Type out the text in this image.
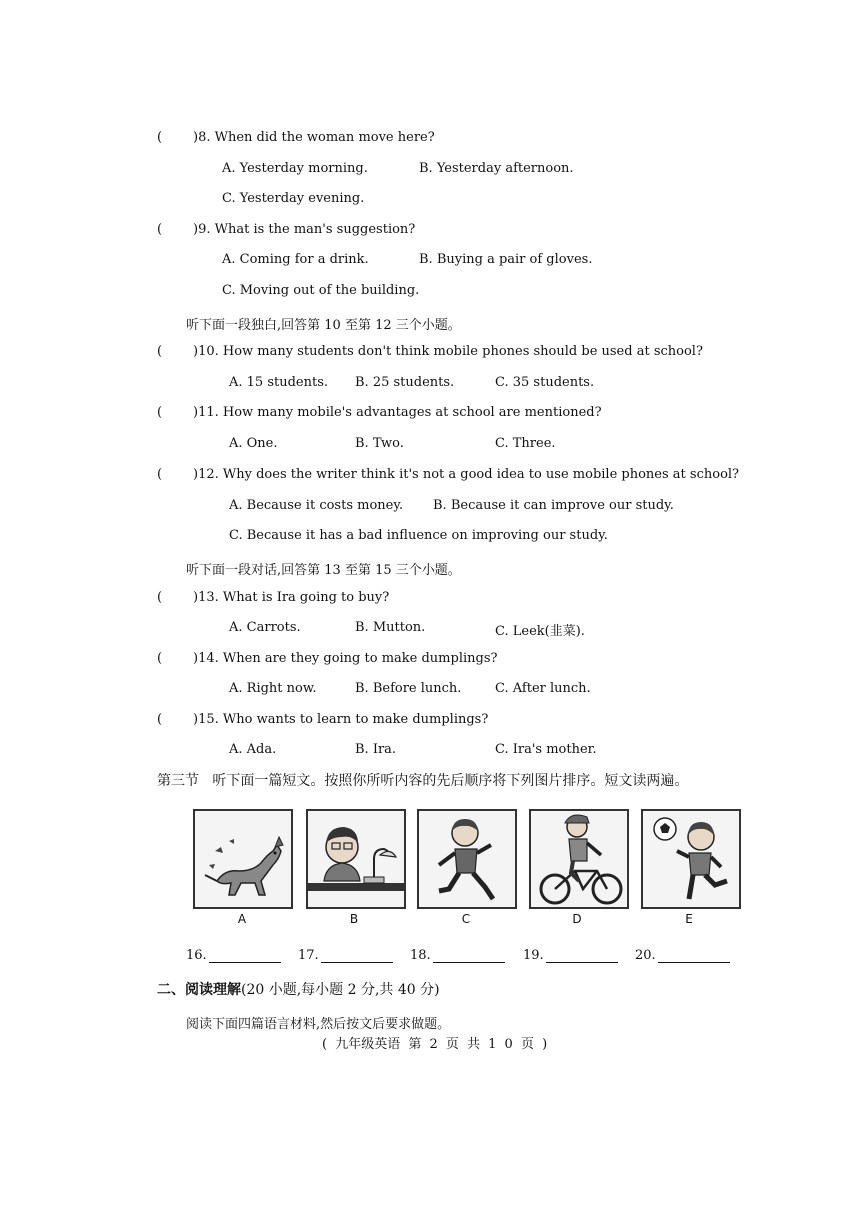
( )8. When did the woman move here?
A. Yesterday morning.	B. Yesterday afternoon.
C. Yesterday evening.
( )9. What is the man's suggestion?
A. Coming for a drink.	B. Buying a pair of gloves.
C. Moving out of the building.
听下面一段独白,回答第 10 至第 12 三个小题。
( )10. How many students don't think mobile phones should be used at school?
A. 15 students. B. 25 students.	C. 35 students.
( )11. How many mobile's advantages at school are mentioned?
A. One.	B. Two.	C. Three.
( )12. Why does the writer think it's not a good idea to use mobile phones at school?
A. Because it costs money. B. Because it can improve our study.
C. Because it has a bad influence on improving our study.
听下面一段对话,回答第 13 至第 15 三个小题。
( )13. What is Ira going to buy?
A. Carrots.	B. Mutton.	C. Leek(韭菜).
( )14. When are they going to make dumplings?
A. Right now.	B. Before lunch.	C. After lunch.
( )15. Who wants to learn to make dumplings?
A. Ada.	B. Ira.	C. Ira's mother.
第三节 听下面一篇短文。按照你所听内容的先后顺序将下列图片排序。短文读两遍。
A	B	C	D	E
16.	17.	18.	19.	20.
二、阅读理解(20 小题,每小题 2 分,共 40 分)
阅读下面四篇语言材料,然后按文后要求做题。
( 九年级英语 第 2 页 共 1 0 页 )
